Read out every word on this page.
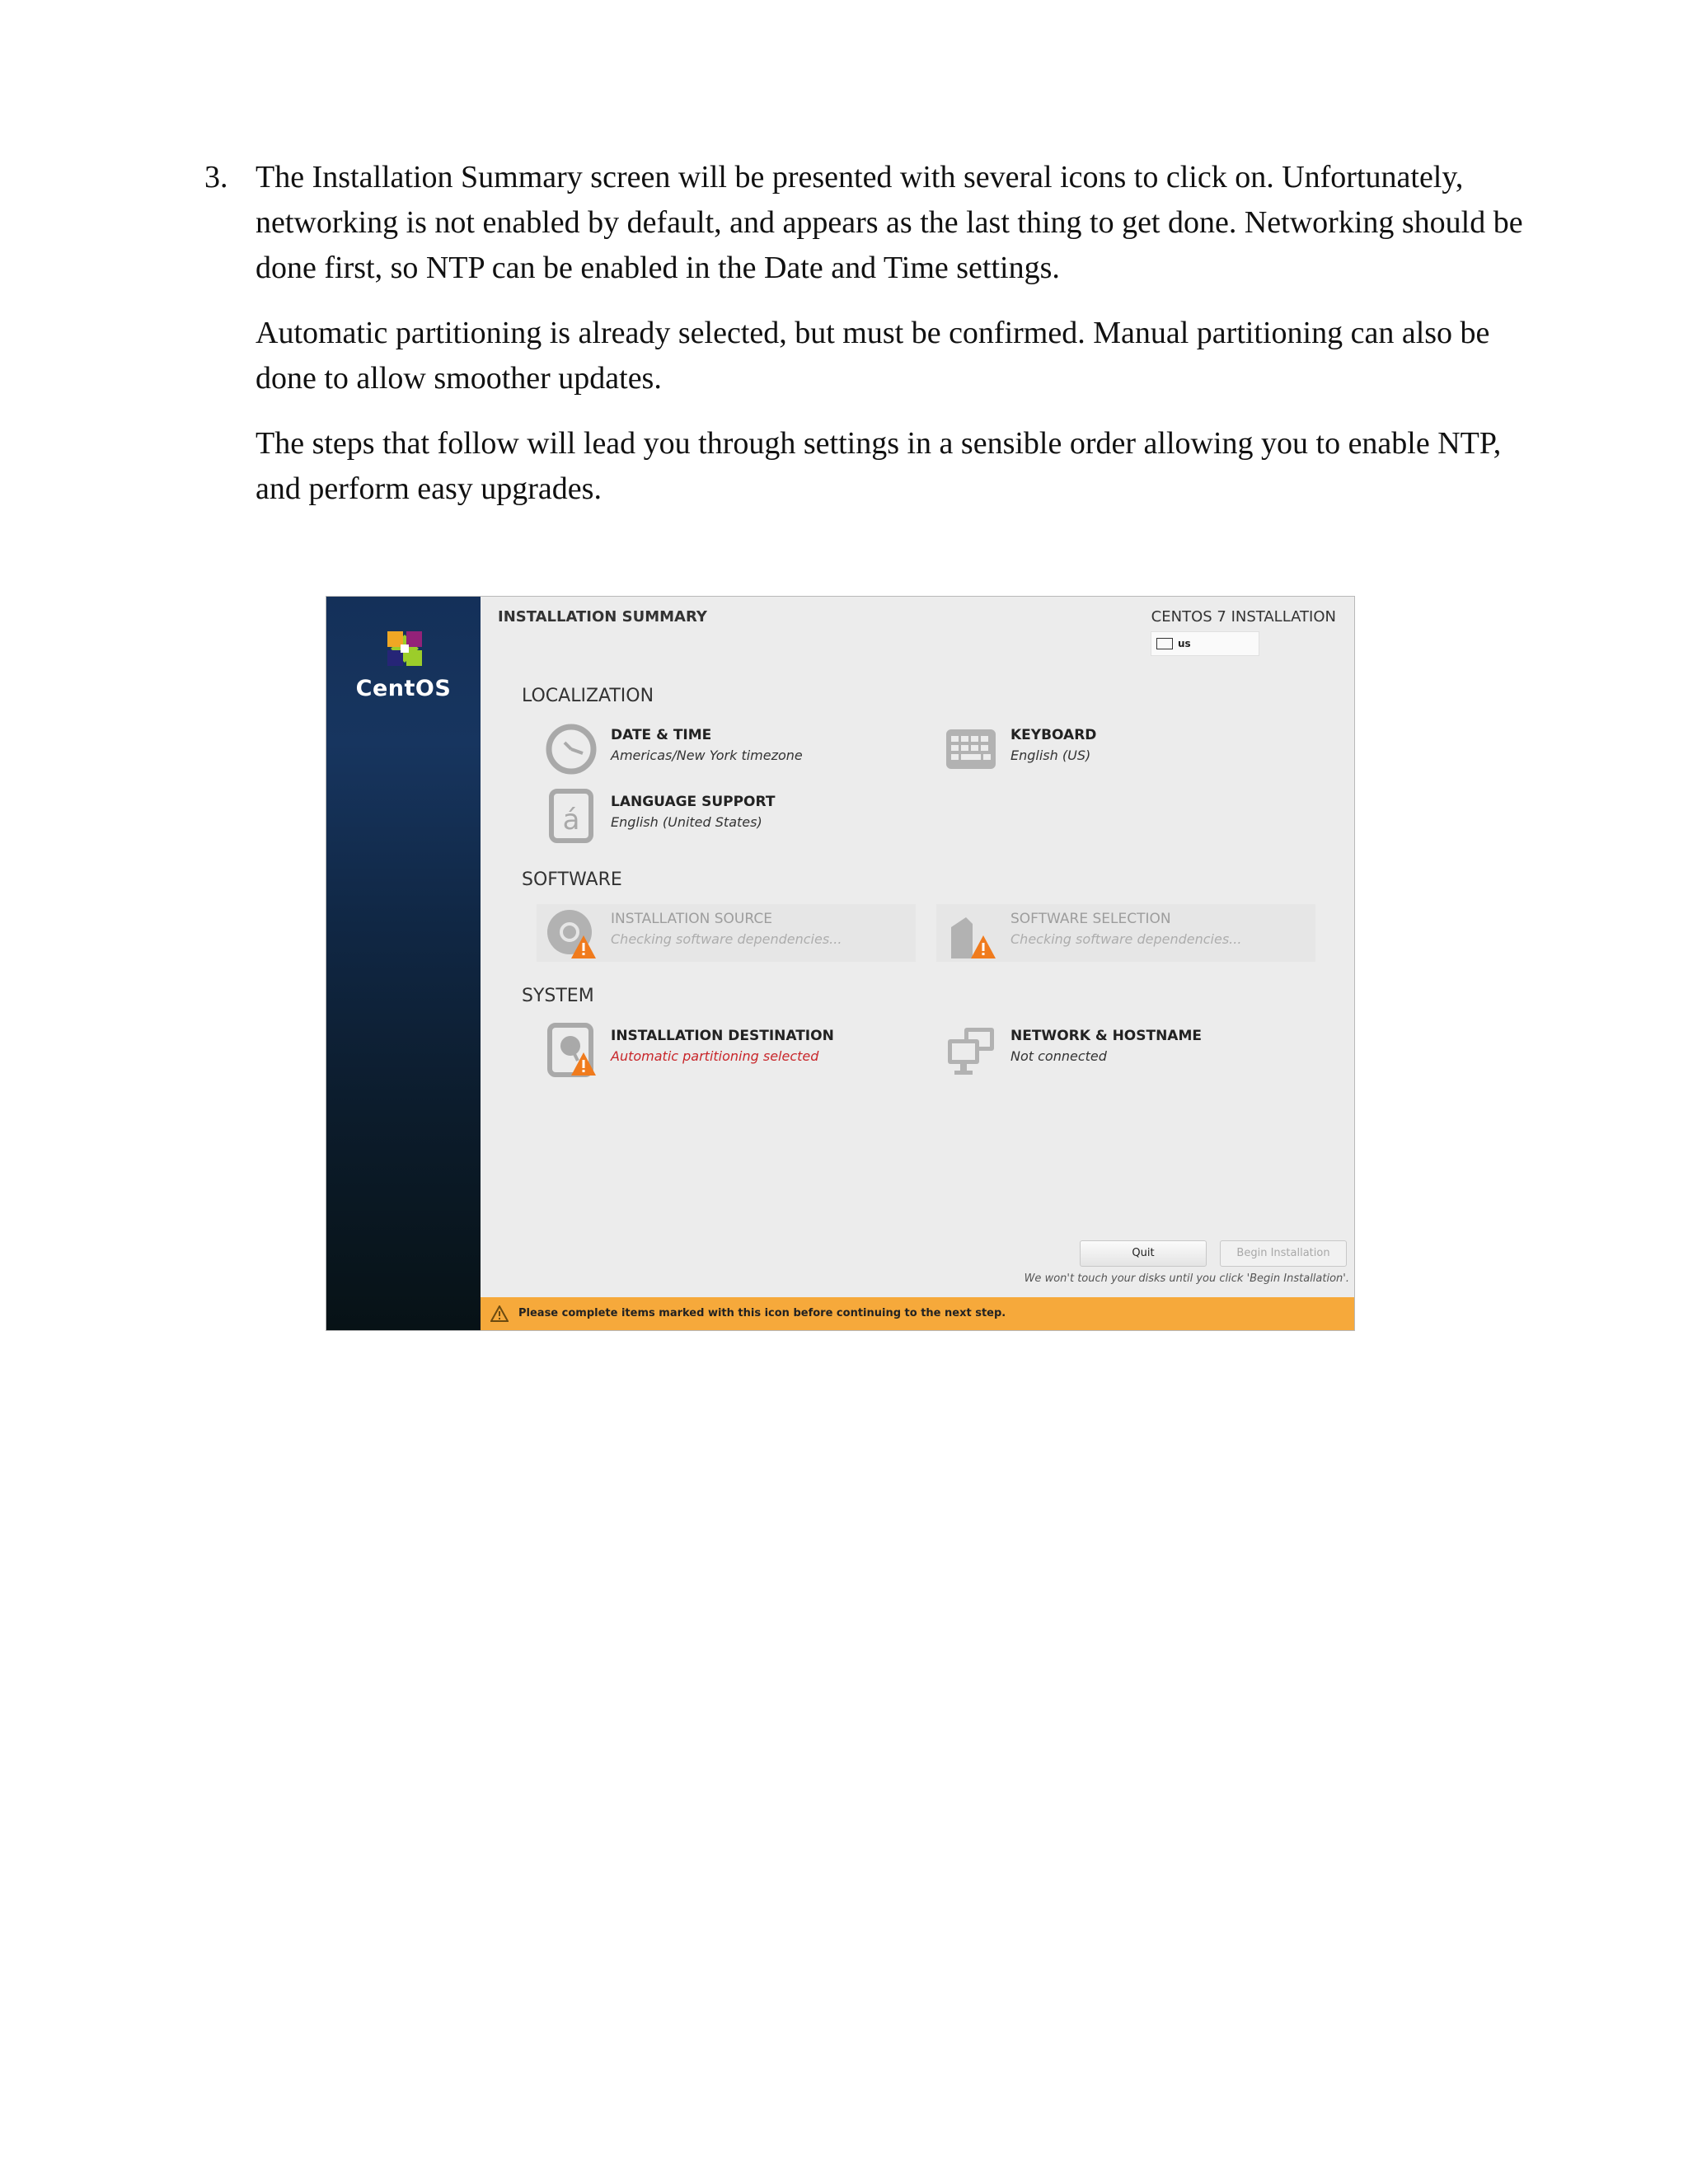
3. The Installation Summary screen will be presented with several icons to click on. Unfortunately, networking is not enabled by default, and appears as the last thing to get done. Networking should be done first, so NTP can be enabled in the Date and Time settings.

Automatic partitioning is already selected, but must be confirmed. Manual partitioning can also be done to allow smoother updates.

The steps that follow will lead you through settings in a sensible order allowing you to enable NTP, and perform easy upgrades.

CentOS
INSTALLATION SUMMARY	CENTOS 7 INSTALLATION
us
LOCALIZATION
DATE & TIME
Americas/New York timezone
KEYBOARD
English (US)
á
LANGUAGE SUPPORT
English (United States)
SOFTWARE
INSTALLATION SOURCE
Checking software dependencies...
SOFTWARE SELECTION
Checking software dependencies...
SYSTEM
INSTALLATION DESTINATION
Automatic partitioning selected
NETWORK & HOSTNAME
Not connected
Quit	Begin Installation
We won't touch your disks until you click 'Begin Installation'.
Please complete items marked with this icon before continuing to the next step.
